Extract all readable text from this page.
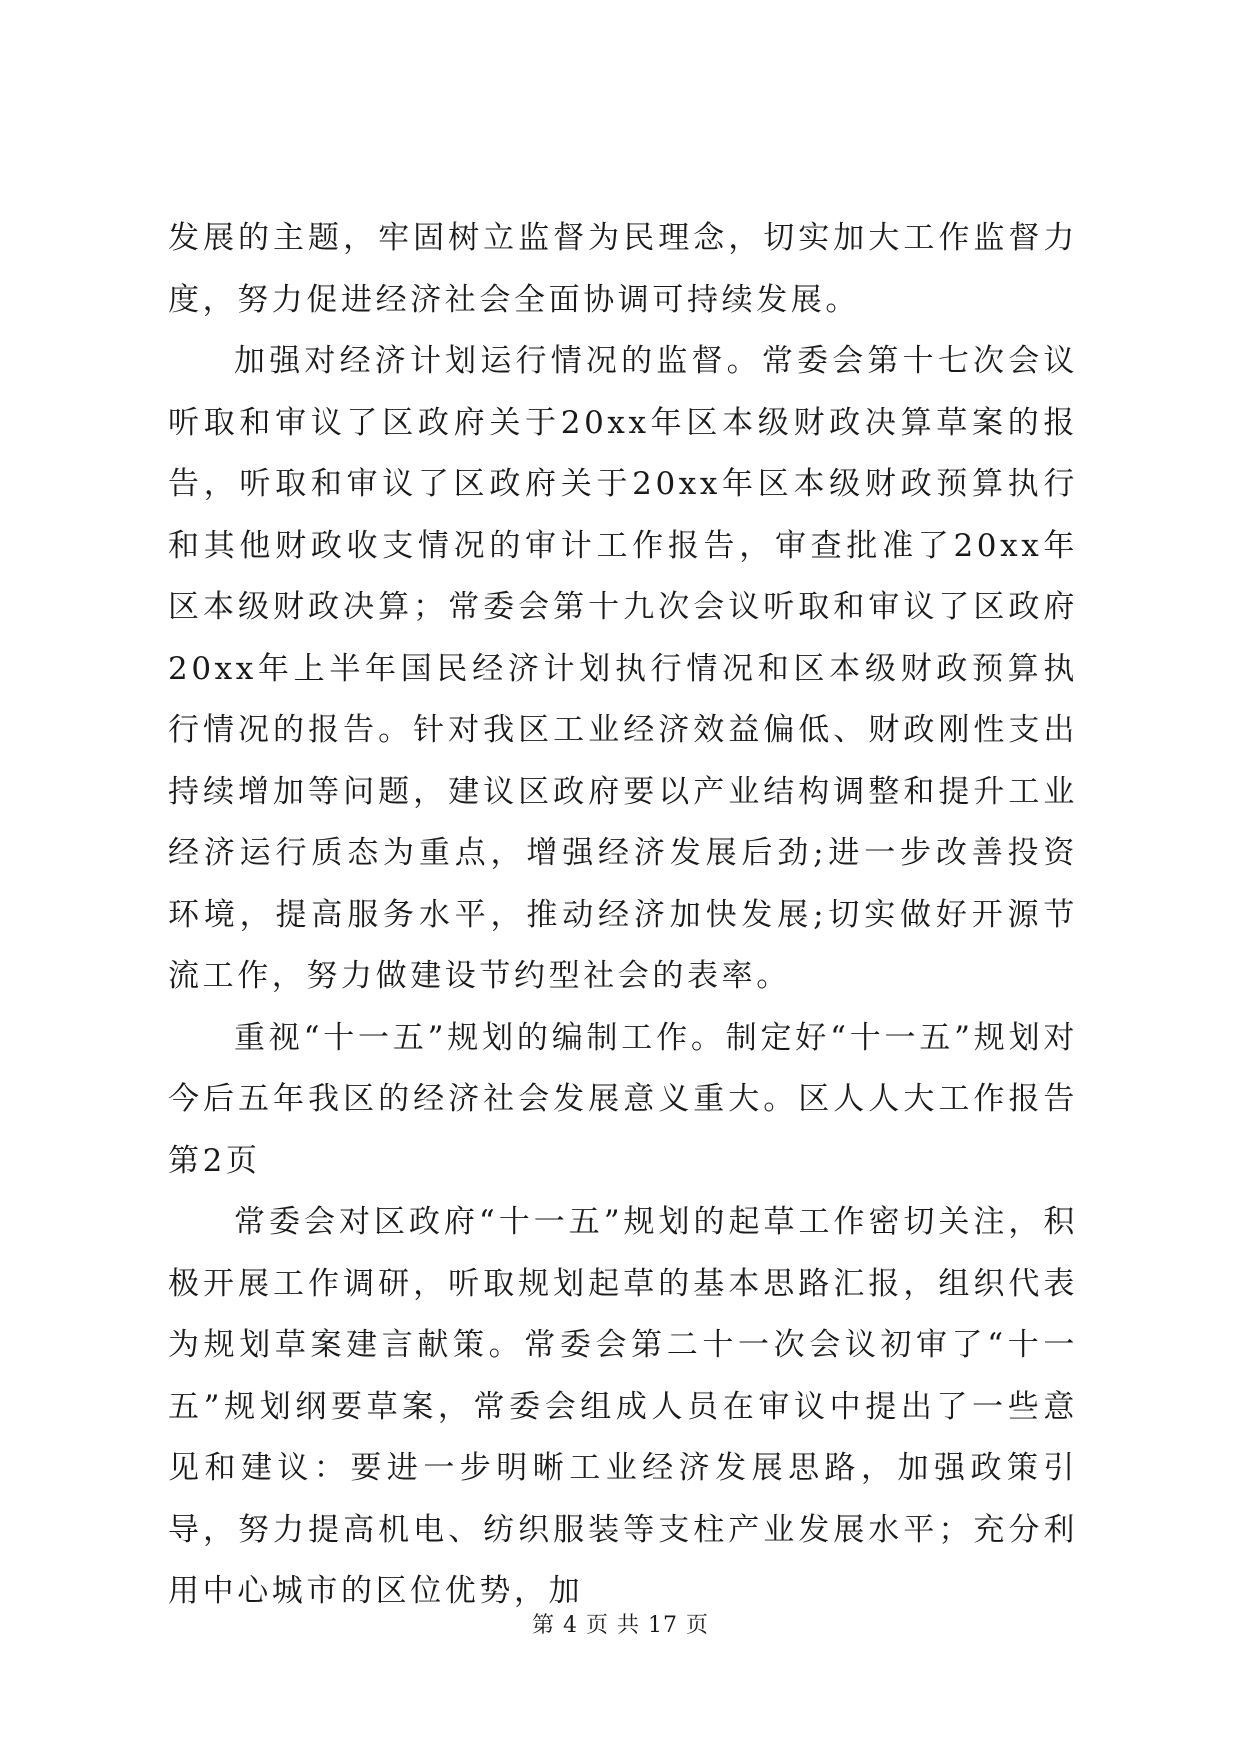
发展的主题，牢固树立监督为民理念，切实加大工作监督力度，努力促进经济社会全面协调可持续发展。

加强对经济计划运行情况的监督。常委会第十七次会议听取和审议了区政府关于20xx年区本级财政决算草案的报告，听取和审议了区政府关于20xx年区本级财政预算执行和其他财政收支情况的审计工作报告，审查批准了20xx年区本级财政决算；常委会第十九次会议听取和审议了区政府20xx年上半年国民经济计划执行情况和区本级财政预算执行情况的报告。针对我区工业经济效益偏低、财政刚性支出持续增加等问题，建议区政府要以产业结构调整和提升工业经济运行质态为重点，增强经济发展后劲;进一步改善投资环境，提高服务水平，推动经济加快发展;切实做好开源节流工作，努力做建设节约型社会的表率。

重视“十一五”规划的编制工作。制定好“十一五”规划对今后五年我区的经济社会发展意义重大。区人人大工作报告第2页

常委会对区政府“十一五”规划的起草工作密切关注，积极开展工作调研，听取规划起草的基本思路汇报，组织代表为规划草案建言献策。常委会第二十一次会议初审了“十一五”规划纲要草案，常委会组成人员在审议中提出了一些意见和建议：要进一步明晰工业经济发展思路，加强政策引导，努力提高机电、纺织服装等支柱产业发展水平；充分利用中心城市的区位优势，加

第 4 页 共 17 页
